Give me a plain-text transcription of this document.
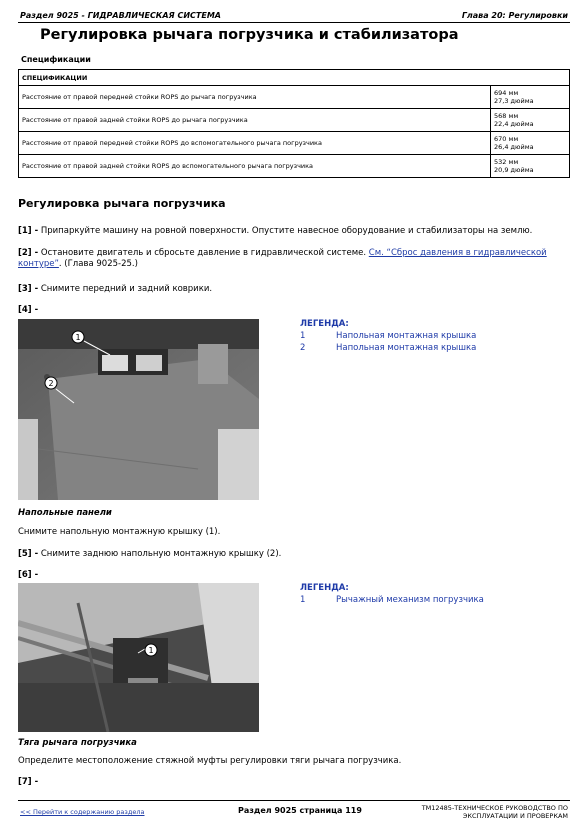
Раздел 9025 - ГИДРАВЛИЧЕСКАЯ СИСТЕМА	Глава 20: Регулировки
Регулировка рычага погрузчика и стабилизатора
Спецификации
СПЕЦИФИКАЦИИ	
Расстояние от правой передней стойки ROPS до рычага погрузчика	694 мм
27,3 дюйма
Расстояние от правой задней стойки ROPS до рычага погрузчика	568 мм
22,4 дюйма
Расстояние от правой передней стойки ROPS до вспомогательного рычага погрузчика	670 мм
26,4 дюйма
Расстояние от правой задней стойки ROPS до вспомогательного рычага погрузчика	532 мм
20,9 дюйма
Регулировка рычага погрузчика
[1] - Припаркуйте машину на ровной поверхности. Опустите навесное оборудование и стабилизаторы на землю.
[2] - Остановите двигатель и сбросьте давление в гидравлической системе. См. “Сброс давления в гидравлической
контуре”. (Глава 9025-25.)
[3] - Снимите передний и задний коврики.
[4] -
1
2
ЛЕГЕНДА:
1	Напольная монтажная крышка
2	Напольная монтажная крышка
Напольные панели
Снимите напольную монтажную крышку (1).
[5] - Снимите заднюю напольную монтажную крышку (2).
[6] -
1
ЛЕГЕНДА:
1	Рычажный механизм погрузчика
Тяга рычага погрузчика
Определите местоположение стяжной муфты регулировки тяги рычага погрузчика.
[7] -
<< Перейти к содержанию раздела	Раздел 9025 страница 119	TM12485-ТЕХНИЧЕСКОЕ РУКОВОДСТВО ПО
ЭКСПЛУАТАЦИИ И ПРОВЕРКАМ
